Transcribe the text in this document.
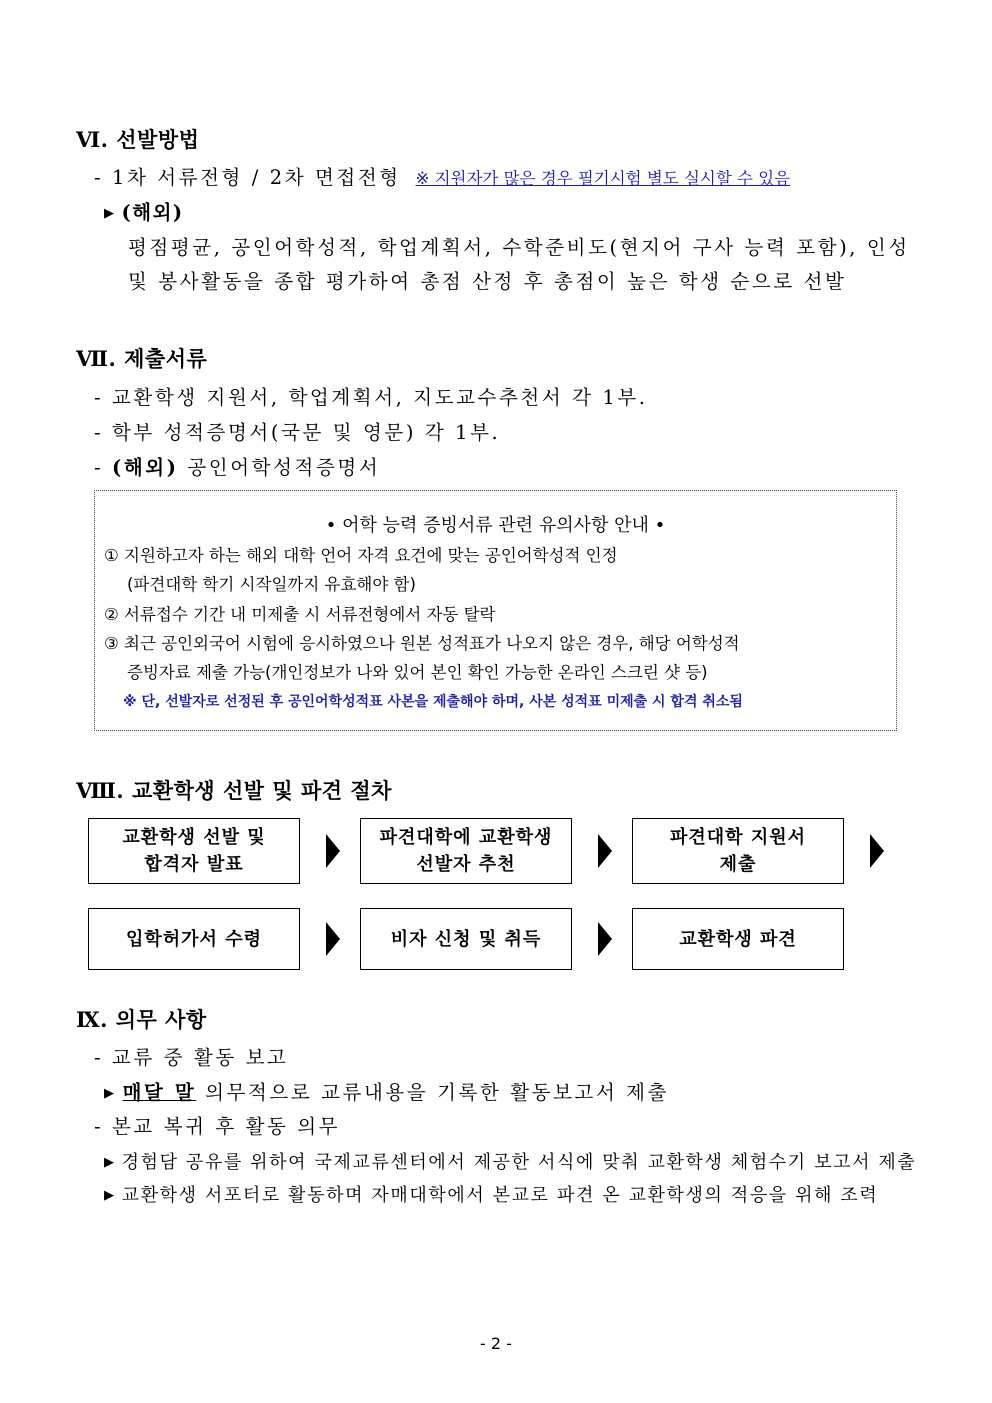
Ⅵ. 선발방법
- 1차 서류전형 / 2차 면접전형 ※ 지원자가 많은 경우 필기시험 별도 실시할 수 있음
▶ (해외)
평점평균, 공인어학성적, 학업계획서, 수학준비도(현지어 구사 능력 포함), 인성
및 봉사활동을 종합 평가하여 총점 산정 후 총점이 높은 학생 순으로 선발
Ⅶ. 제출서류
- 교환학생 지원서, 학업계획서, 지도교수추천서 각 1부.
- 학부 성적증명서(국문 및 영문) 각 1부.
- (해외) 공인어학성적증명서
• 어학 능력 증빙서류 관련 유의사항 안내 •
① 지원하고자 하는 해외 대학 언어 자격 요건에 맞는 공인어학성적 인정
(파견대학 학기 시작일까지 유효해야 함)
② 서류접수 기간 내 미제출 시 서류전형에서 자동 탈락
③ 최근 공인외국어 시험에 응시하였으나 원본 성적표가 나오지 않은 경우, 해당 어학성적
증빙자료 제출 가능(개인정보가 나와 있어 본인 확인 가능한 온라인 스크린 샷 등)
※ 단, 선발자로 선정된 후 공인어학성적표 사본을 제출해야 하며, 사본 성적표 미제출 시 합격 취소됨
Ⅷ. 교환학생 선발 및 파견 절차
교환학생 선발 및
합격자 발표
파견대학에 교환학생
선발자 추천
파견대학 지원서
제출
입학허가서 수령	비자 신청 및 취득	교환학생 파견
Ⅸ. 의무 사항
- 교류 중 활동 보고
▶ 매달 말 의무적으로 교류내용을 기록한 활동보고서 제출
- 본교 복귀 후 활동 의무
▶ 경험담 공유를 위하여 국제교류센터에서 제공한 서식에 맞춰 교환학생 체험수기 보고서 제출
▶ 교환학생 서포터로 활동하며 자매대학에서 본교로 파견 온 교환학생의 적응을 위해 조력
- 2 -
